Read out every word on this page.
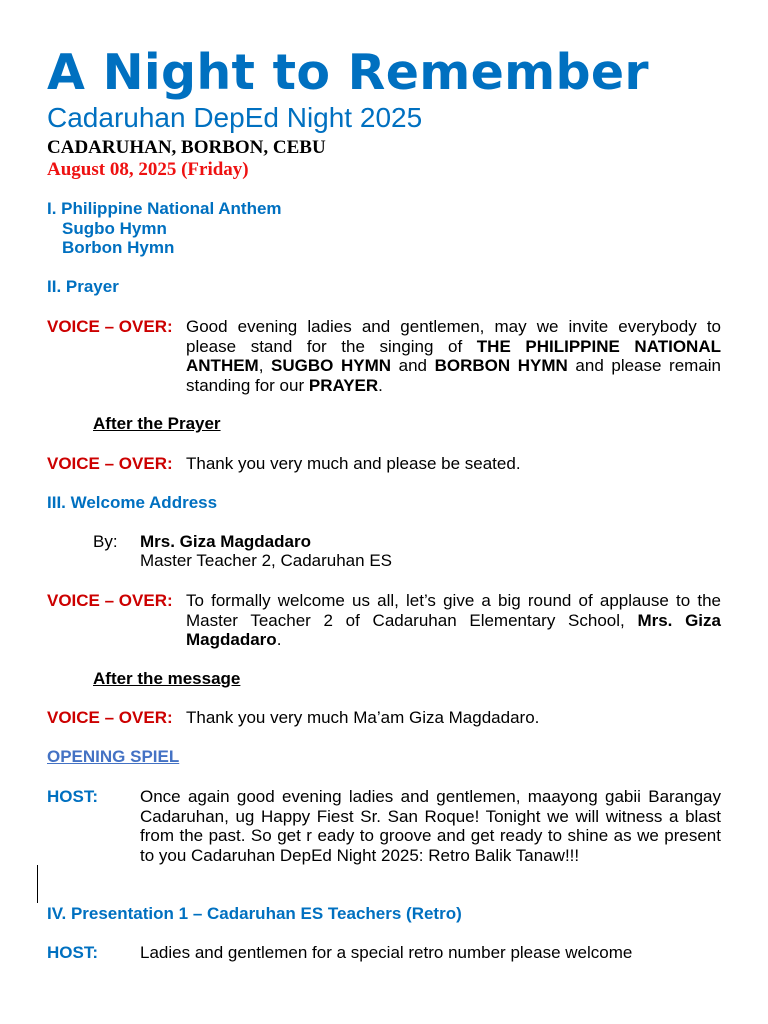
A Night to Remember
Cadaruhan DepEd Night 2025
CADARUHAN, BORBON, CEBU
August 08, 2025 (Friday)
I. Philippine National Anthem
Sugbo Hymn
Borbon Hymn
II. Prayer
VOICE – OVER: Good evening ladies and gentlemen, may we invite everybody to please stand for the singing of THE PHILIPPINE NATIONAL ANTHEM, SUGBO HYMN and BORBON HYMN and please remain standing for our PRAYER.
After the Prayer
VOICE – OVER: Thank you very much and please be seated.
III. Welcome Address
By: Mrs. Giza Magdadaro
Master Teacher 2, Cadaruhan ES
VOICE – OVER: To formally welcome us all, let’s give a big round of applause to the Master Teacher 2 of Cadaruhan Elementary School, Mrs. Giza Magdadaro.
After the message
VOICE – OVER: Thank you very much Ma’am Giza Magdadaro.
OPENING SPIEL
HOST: Once again good evening ladies and gentlemen, maayong gabii Barangay Cadaruhan, ug Happy Fiest Sr. San Roque! Tonight we will witness a blast from the past. So get r eady to groove and get ready to shine as we present to you Cadaruhan DepEd Night 2025: Retro Balik Tanaw!!!
IV. Presentation 1 – Cadaruhan ES Teachers (Retro)
HOST: Ladies and gentlemen for a special retro number please welcome
